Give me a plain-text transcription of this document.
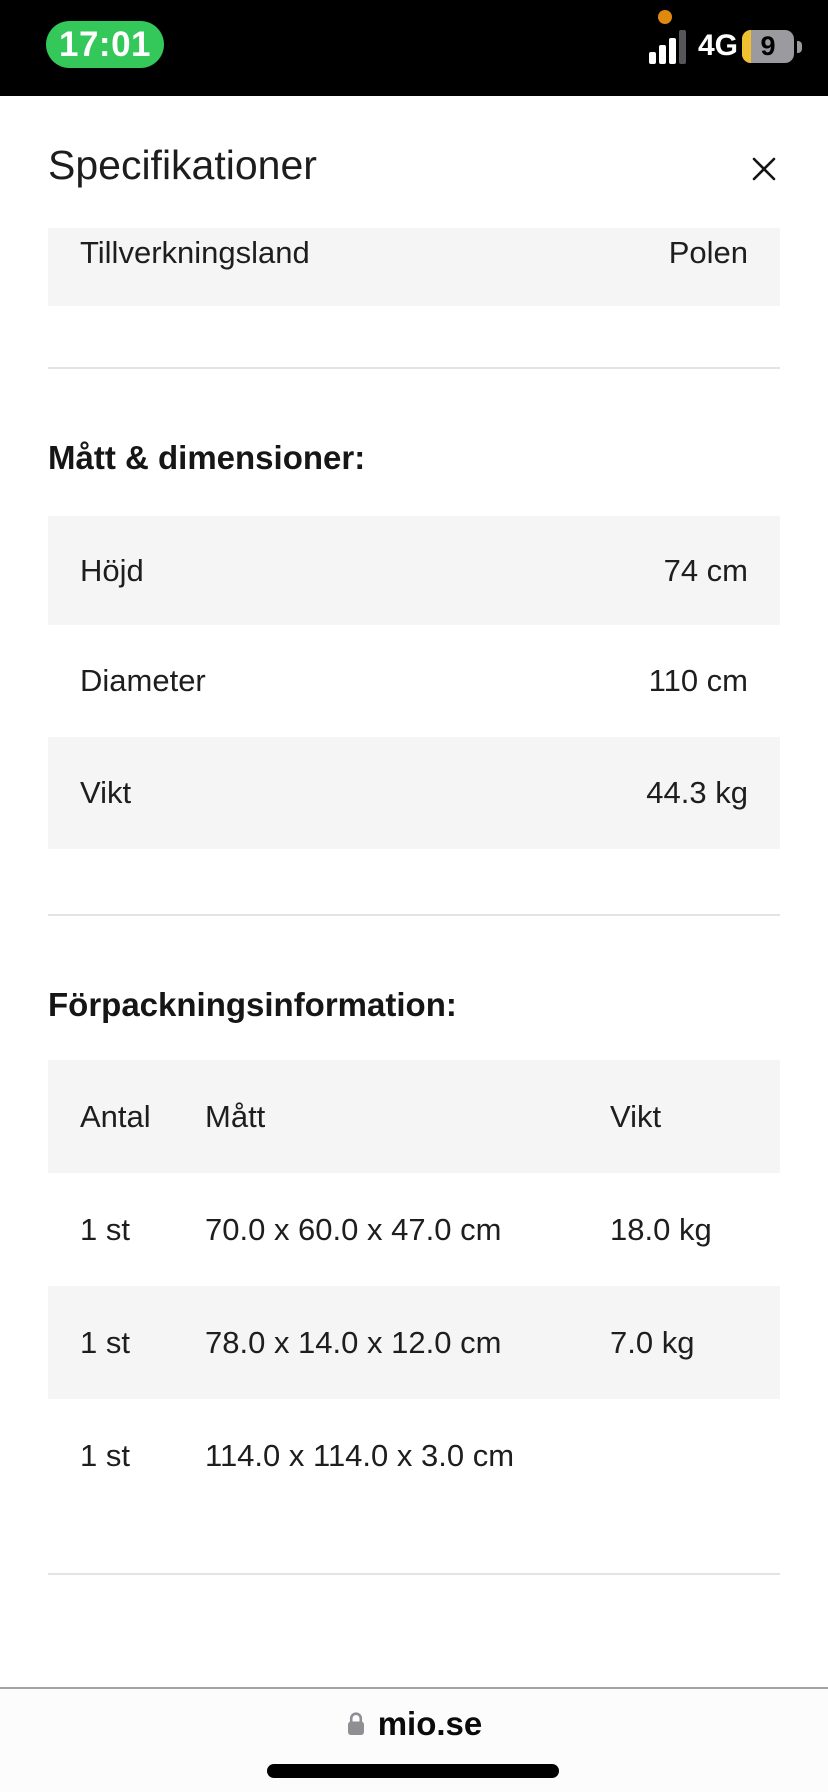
17:01	4G 9
Specifikationer
Tillverkningsland	Polen
Mått & dimensioner:
Höjd	74 cm
Diameter	110 cm
Vikt	44.3 kg
Förpackningsinformation:
Antal	Mått	Vikt
1 st	70.0 x 60.0 x 47.0 cm	18.0 kg
1 st	78.0 x 14.0 x 12.0 cm	7.0 kg
1 st	114.0 x 114.0 x 3.0 cm
mio.se
